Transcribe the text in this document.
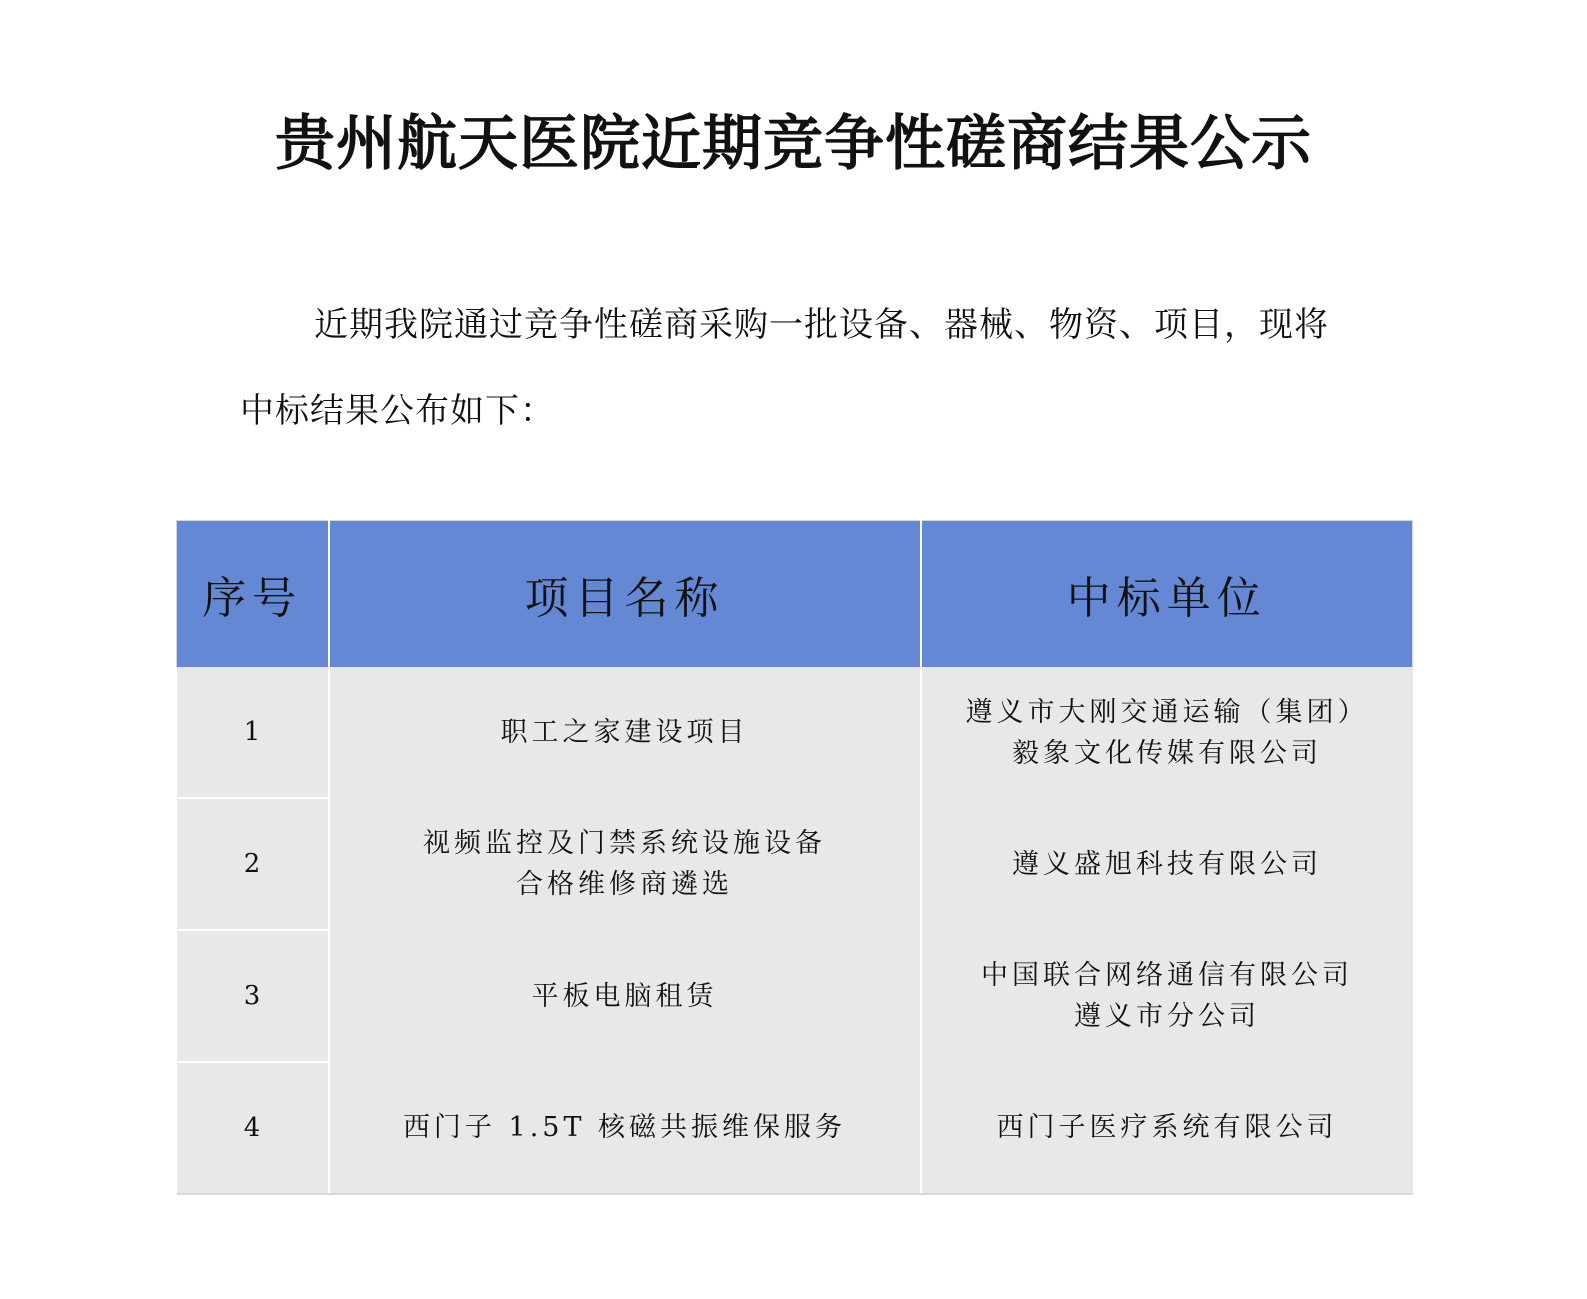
贵州航天医院近期竞争性磋商结果公示
近期我院通过竞争性磋商采购一批设备、器械、物资、项目，现将中标结果公布如下：
序号	项目名称	中标单位
1	职工之家建设项目	遵义市大刚交通运输（集团）
毅象文化传媒有限公司

2	视频监控及门禁系统设施设备
合格维修商遴选	遵义盛旭科技有限公司

3	平板电脑租赁	中国联合网络通信有限公司
遵义市分公司

4	西门子 1.5T 核磁共振维保服务	西门子医疗系统有限公司
